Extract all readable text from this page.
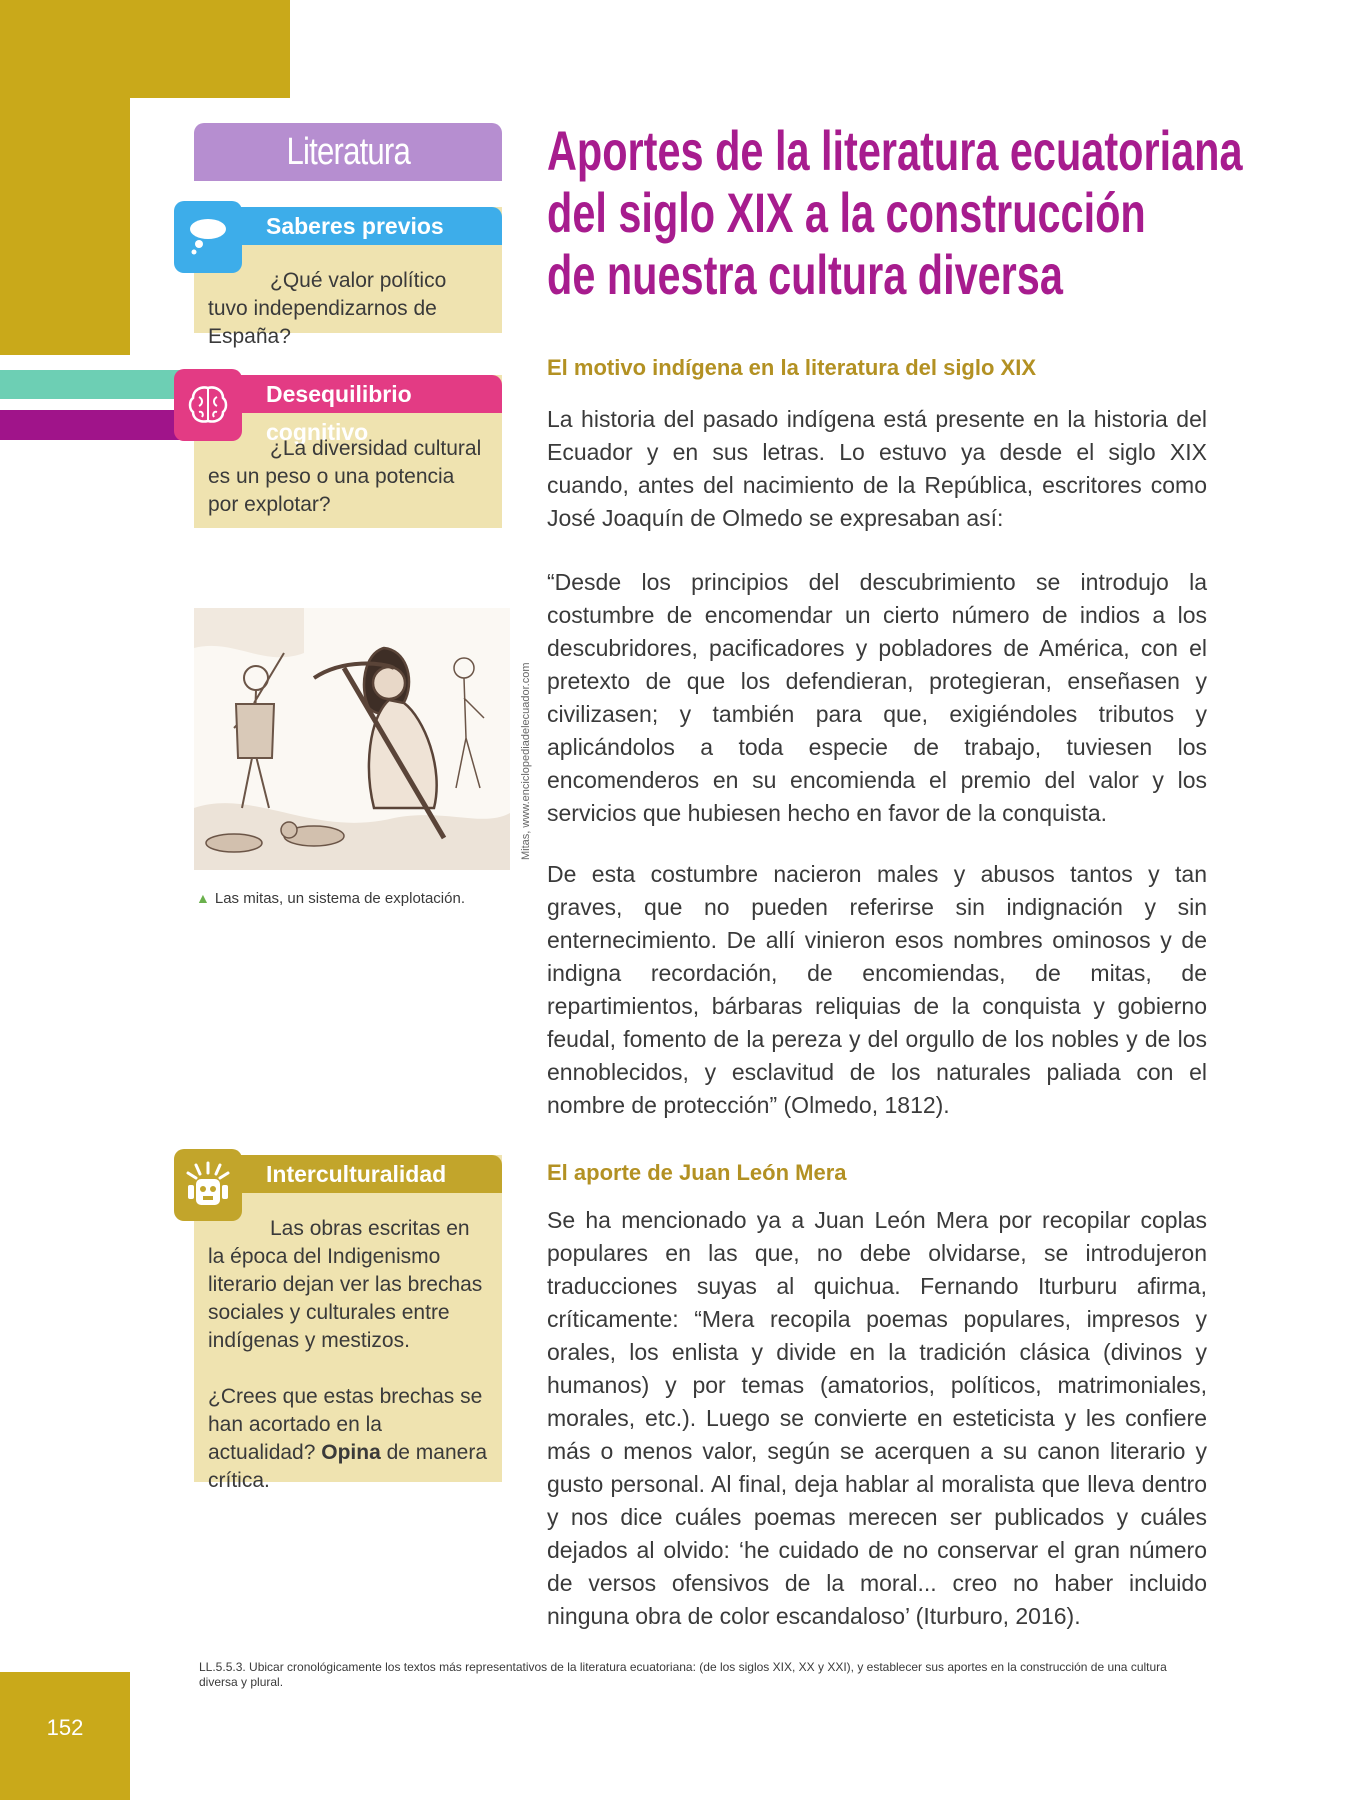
152
Literatura
Saberes previos
¿Qué valor político tuvo independizarnos de España?
Desequilibrio cognitivo
¿La diversidad cultural es un peso o una potencia por explotar?
Mitas, www.enciclopediadelecuador.com
▲ Las mitas, un sistema de explotación.
Interculturalidad

Las obras escritas en la época del Indigenismo literario dejan ver las brechas sociales y culturales entre indígenas y mestizos.

¿Crees que estas brechas se han acortado en la actualidad? Opina de manera crítica.

Aportes de la literatura ecuatoriana
del siglo XIX a la construcción
de nuestra cultura diversa
El motivo indígena en la literatura del siglo XIX

La historia del pasado indígena está presente en la historia del Ecuador y en sus letras. Lo estuvo ya desde el siglo XIX cuando, antes del nacimiento de la República, escritores como José Joaquín de Olmedo se expresaban así:

“Desde los principios del descubrimiento se introdujo la costumbre de encomendar un cierto número de indios a los descubridores, pacificadores y pobladores de América, con el pretexto de que los defendieran, protegieran, enseñasen y civilizasen; y también para que, exigiéndoles tributos y aplicándolos a toda especie de trabajo, tuviesen los encomenderos en su encomienda el premio del valor y los servicios que hubiesen hecho en favor de la conquista.

De esta costumbre nacieron males y abusos tantos y tan graves, que no pueden referirse sin indignación y sin enternecimiento. De allí vinieron esos nombres ominosos y de indigna recordación, de encomiendas, de mitas, de repartimientos, bárbaras reliquias de la conquista y gobierno feudal, fomento de la pereza y del orgullo de los nobles y de los ennoblecidos, y esclavitud de los naturales paliada con el nombre de protección” (Olmedo, 1812).

El aporte de Juan León Mera

Se ha mencionado ya a Juan León Mera por recopilar coplas populares en las que, no debe olvidarse, se introdujeron traducciones suyas al quichua. Fernando Iturburu afirma, críticamente: “Mera recopila poemas populares, impresos y orales, los enlista y divide en la tradición clásica (divinos y humanos) y por temas (amatorios, políticos, matrimoniales, morales, etc.). Luego se convierte en esteticista y les confiere más o menos valor, según se acerquen a su canon literario y gusto personal. Al final, deja hablar al moralista que lleva dentro y nos dice cuáles poemas merecen ser publicados y cuáles dejados al olvido: ‘he cuidado de no conservar el gran número de versos ofensivos de la moral... creo no haber incluido ninguna obra de color escandaloso’ (Iturburo, 2016).

LL.5.5.3. Ubicar cronológicamente los textos más representativos de la literatura ecuatoriana: (de los siglos XIX, XX y XXI), y establecer sus aportes en la construcción de una cultura diversa y plural.
